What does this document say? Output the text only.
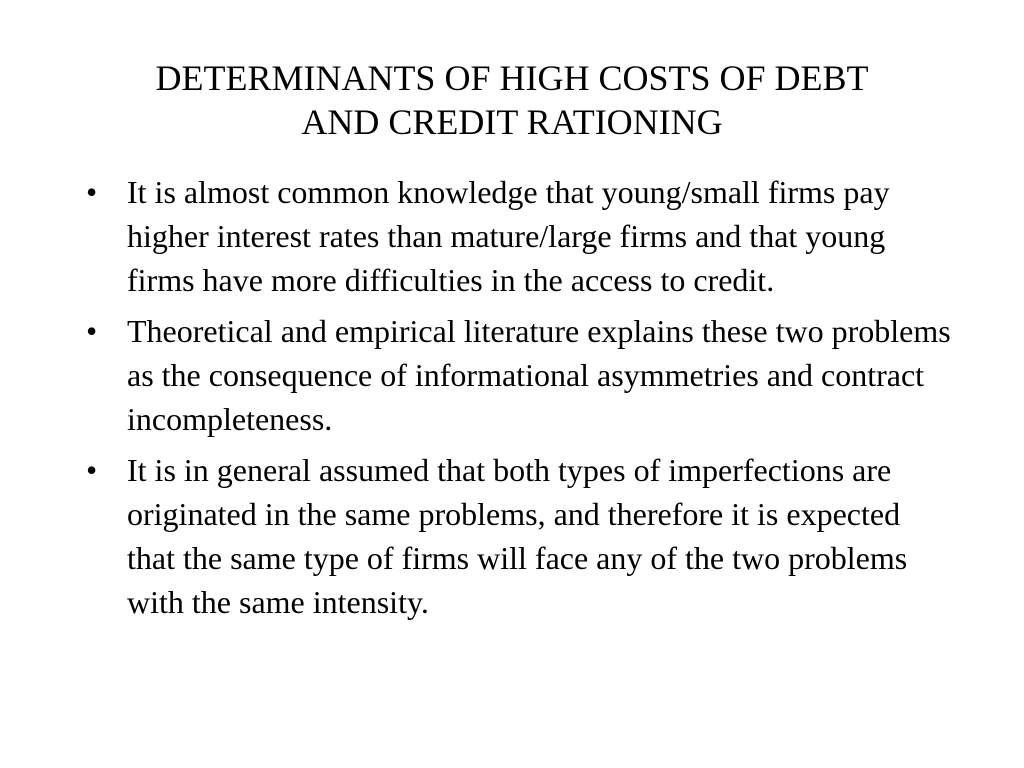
DETERMINANTS OF HIGH COSTS OF DEBT
AND CREDIT RATIONING
• It is almost common knowledge that young/small firms pay higher interest rates than mature/large firms and that young firms have more difficulties in the access to credit.
• Theoretical and empirical literature explains these two problems as the consequence of informational asymmetries and contract incompleteness.
• It is in general assumed that both types of imperfections are originated in the same problems, and therefore it is expected that the same type of firms will face any of the two problems with the same intensity.
